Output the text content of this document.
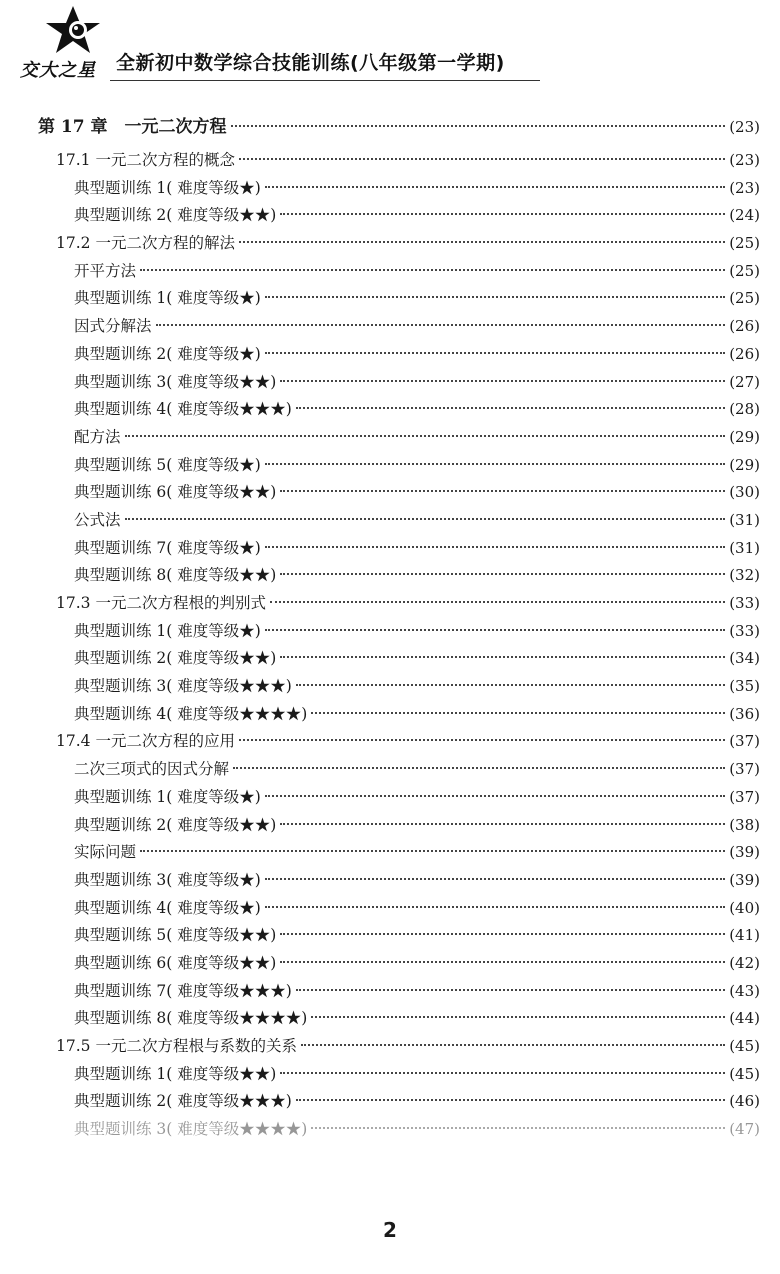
交大之星	全新初中数学综合技能训练(八年级第一学期)
第 17 章　一元二次方程	(23)
17.1 一元二次方程的概念	(23)
典型题训练 1( 难度等级★)	(23)
典型题训练 2( 难度等级★★)	(24)
17.2 一元二次方程的解法	(25)
开平方法	(25)
典型题训练 1( 难度等级★)	(25)
因式分解法	(26)
典型题训练 2( 难度等级★)	(26)
典型题训练 3( 难度等级★★)	(27)
典型题训练 4( 难度等级★★★)	(28)
配方法	(29)
典型题训练 5( 难度等级★)	(29)
典型题训练 6( 难度等级★★)	(30)
公式法	(31)
典型题训练 7( 难度等级★)	(31)
典型题训练 8( 难度等级★★)	(32)
17.3 一元二次方程根的判别式	(33)
典型题训练 1( 难度等级★)	(33)
典型题训练 2( 难度等级★★)	(34)
典型题训练 3( 难度等级★★★)	(35)
典型题训练 4( 难度等级★★★★)	(36)
17.4 一元二次方程的应用	(37)
二次三项式的因式分解	(37)
典型题训练 1( 难度等级★)	(37)
典型题训练 2( 难度等级★★)	(38)
实际问题	(39)
典型题训练 3( 难度等级★)	(39)
典型题训练 4( 难度等级★)	(40)
典型题训练 5( 难度等级★★)	(41)
典型题训练 6( 难度等级★★)	(42)
典型题训练 7( 难度等级★★★)	(43)
典型题训练 8( 难度等级★★★★)	(44)
17.5 一元二次方程根与系数的关系	(45)
典型题训练 1( 难度等级★★)	(45)
典型题训练 2( 难度等级★★★)	(46)
典型题训练 3( 难度等级★★★★)	(47)
2
